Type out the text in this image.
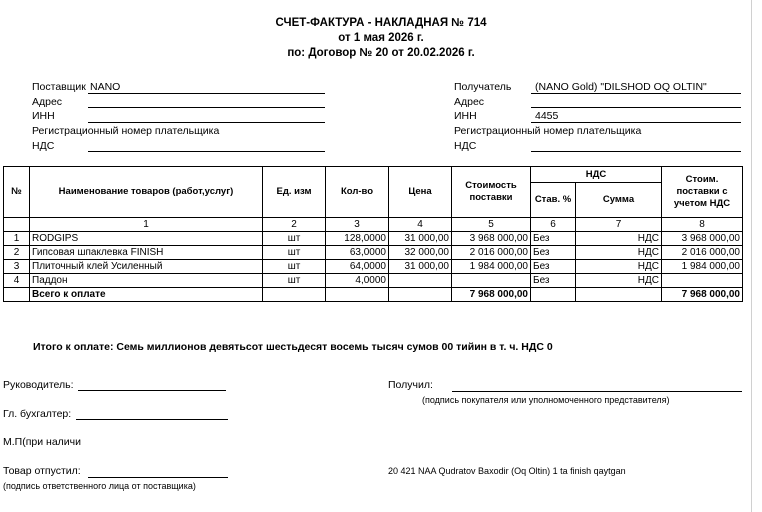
СЧЕТ-ФАКТУРА - НАКЛАДНАЯ № 714
от 1 мая 2026 г.
по: Договор № 20 от 20.02.2026 г.
Поставщик NANO
Адрес
ИНН
Регистрационный номер плательщика
НДС
Получатель (NANO Gold) "DILSHOD OQ OLTIN"
Адрес
ИНН	4455
Регистрационный номер плательщика
НДС
№	Наименование товаров (работ,услуг)	Ед. изм	Кол-во	Цена	Стоимость поставки	НДС		Стоим. поставки с учетом НДС
						Став. %	Сумма	
	1	2	3	4	5	6	7	8
1	RODGIPS	шт	128,0000	31 000,00	3 968 000,00	Без	НДС	3 968 000,00
2	Гипсовая шпаклевка FINISH	шт	63,0000	32 000,00	2 016 000,00	Без	НДС	2 016 000,00
3	Плиточный клей Усиленный	шт	64,0000	31 000,00	1 984 000,00	Без	НДС	1 984 000,00
4	Паддон	шт	4,0000			Без	НДС	
	Всего к оплате				7 968 000,00			7 968 000,00
Итого к оплате: Семь миллионов девятьсот шестьдесят восемь тысяч сумов 00 тийин в т. ч. НДС 0
Руководитель:
Гл. бухгалтер:
М.П(при наличи
Товар отпустил:
(подпись ответственного лица от поставщика)
Получил:
(подпись покупателя или уполномоченного представителя)
20 421 NAA Qudratov Baxodir (Oq Oltin) 1 ta finish qaytgan
